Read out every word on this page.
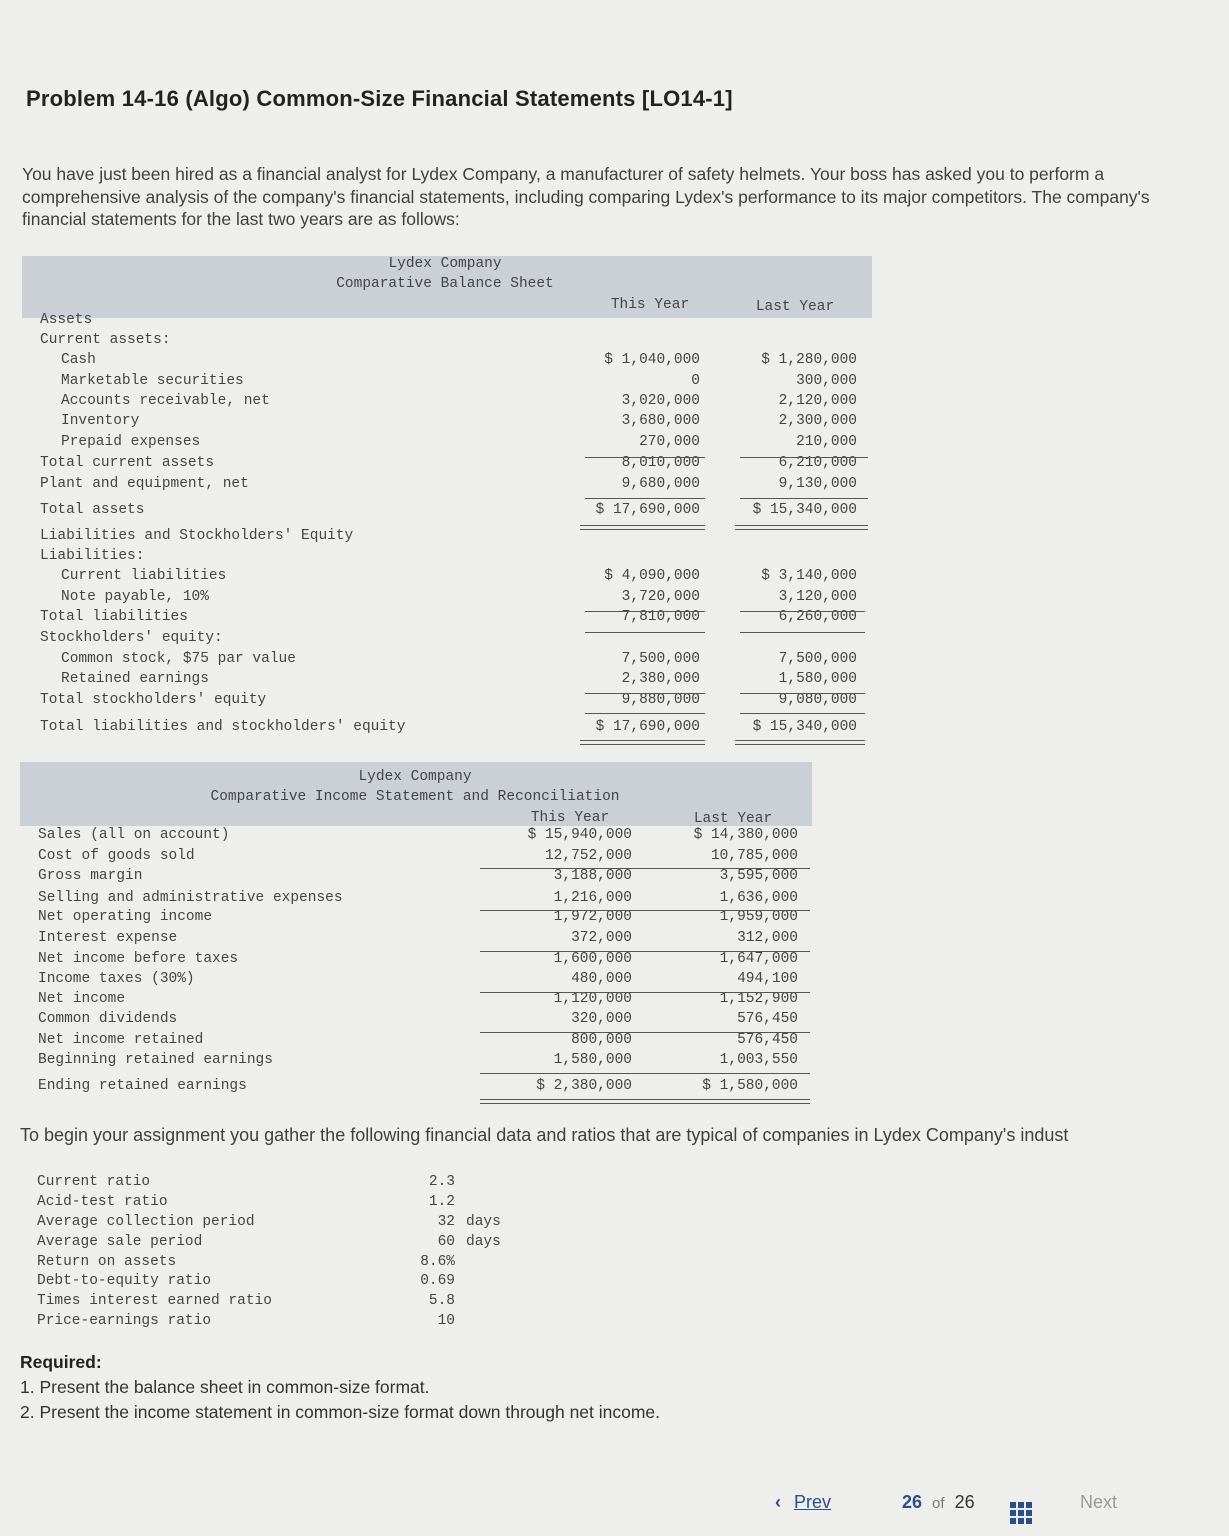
Problem 14-16 (Algo) Common-Size Financial Statements [LO14-1]
You have just been hired as a financial analyst for Lydex Company, a manufacturer of safety helmets. Your boss has asked you to perform a comprehensive analysis of the company's financial statements, including comparing Lydex's performance to its major competitors. The company's financial statements for the last two years are as follows:
Lydex Company
Comparative Balance Sheet
This Year	Last Year
Assets
Current assets:
Cash	$ 1,040,000	$ 1,280,000
Marketable securities	0	300,000
Accounts receivable, net	3,020,000	2,120,000
Inventory	3,680,000	2,300,000
Prepaid expenses	270,000	210,000
Total current assets	8,010,000	6,210,000
Plant and equipment, net	9,680,000	9,130,000
Total assets	$ 17,690,000	$ 15,340,000
Liabilities and Stockholders' Equity
Liabilities:
Current liabilities	$ 4,090,000	$ 3,140,000
Note payable, 10%	3,720,000	3,120,000
Total liabilities	7,810,000	6,260,000
Stockholders' equity:
Common stock, $75 par value	7,500,000	7,500,000
Retained earnings	2,380,000	1,580,000
Total stockholders' equity	9,880,000	9,080,000
Total liabilities and stockholders' equity	$ 17,690,000	$ 15,340,000
Lydex Company
Comparative Income Statement and Reconciliation
This Year	Last Year
Sales (all on account)	$ 15,940,000	$ 14,380,000
Cost of goods sold	12,752,000	10,785,000
Gross margin	3,188,000	3,595,000
Selling and administrative expenses	1,216,000	1,636,000
Net operating income	1,972,000	1,959,000
Interest expense	372,000	312,000
Net income before taxes	1,600,000	1,647,000
Income taxes (30%)	480,000	494,100
Net income	1,120,000	1,152,900
Common dividends	320,000	576,450
Net income retained	800,000	576,450
Beginning retained earnings	1,580,000	1,003,550
Ending retained earnings	$ 2,380,000	$ 1,580,000
To begin your assignment you gather the following financial data and ratios that are typical of companies in Lydex Company's indust
Current ratio	2.3
Acid-test ratio	1.2
Average collection period	32 days
Average sale period	60 days
Return on assets	8.6%
Debt-to-equity ratio	0.69
Times interest earned ratio	5.8
Price-earnings ratio	10
Required:
1. Present the balance sheet in common-size format.
2. Present the income statement in common-size format down through net income.
‹ Prev	26 of 26	Next
